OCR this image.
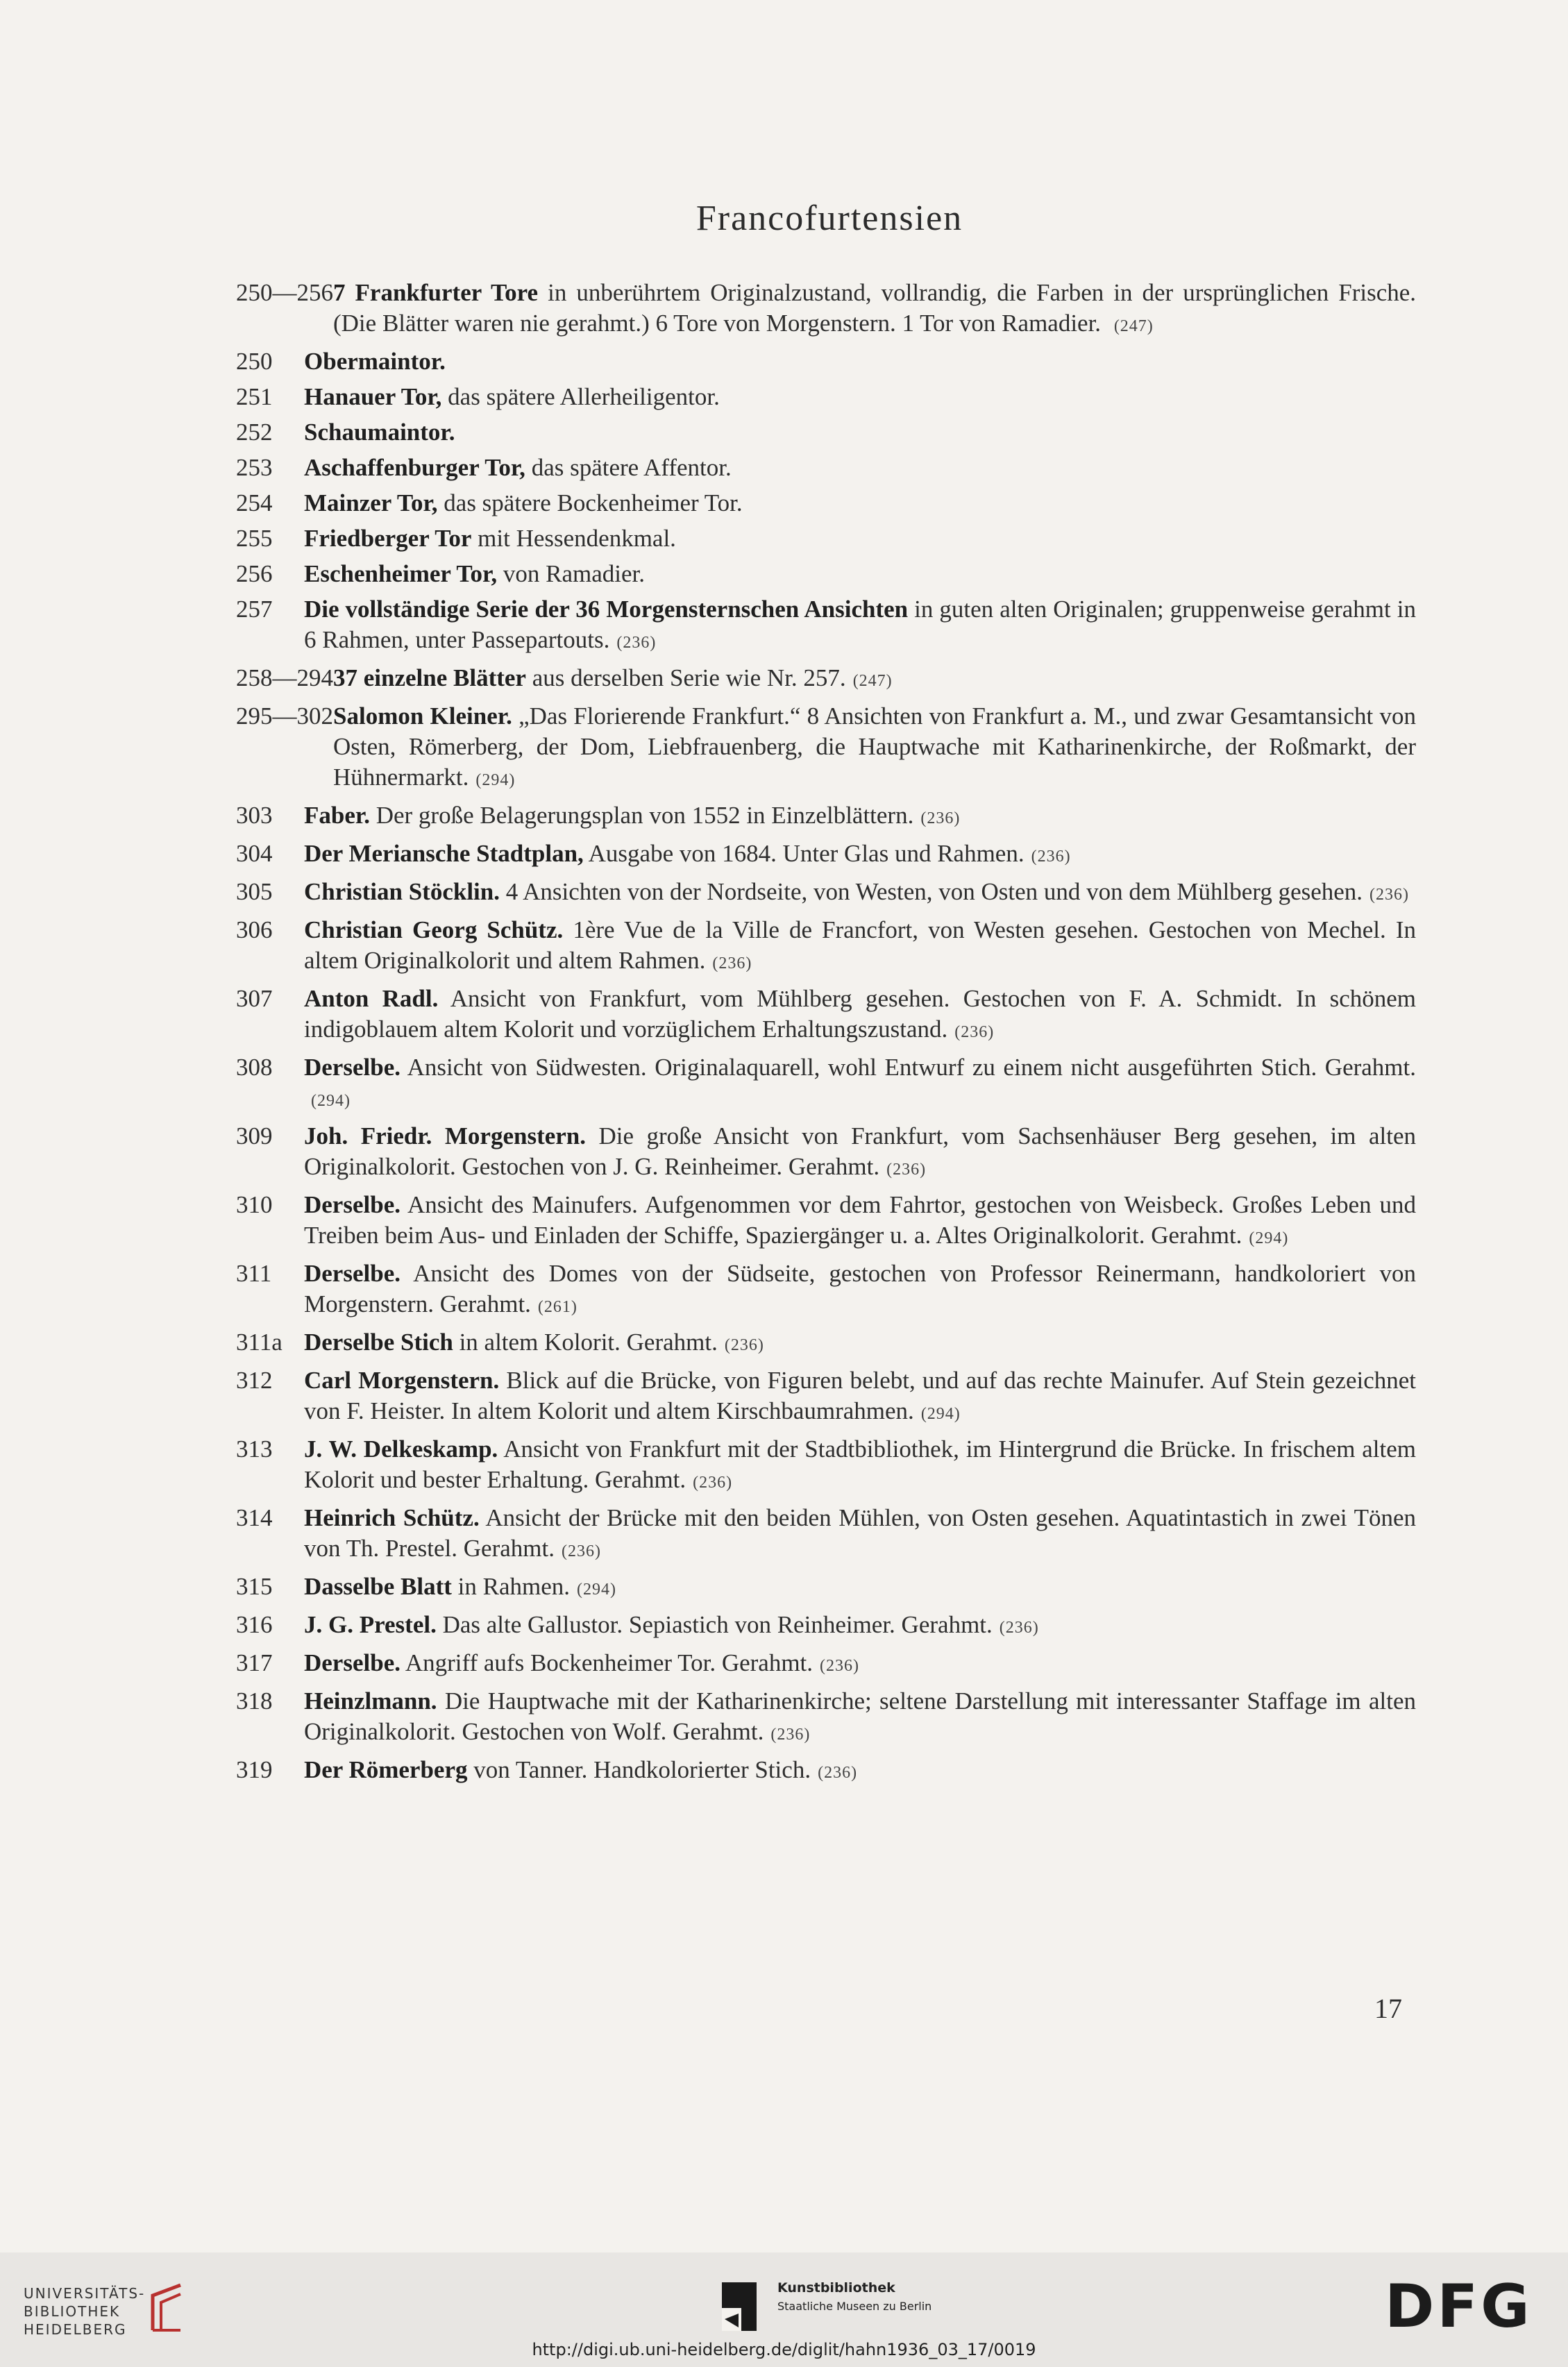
Francofurtensien
250—256 7 Frankfurter Tore in unberührtem Originalzustand, vollrandig, die Farben in der ursprünglichen Frische. (Die Blätter waren nie gerahmt.) 6 Tore von Morgenstern. 1 Tor von Ramadier. (247)
250	Obermaintor.
251	Hanauer Tor, das spätere Allerheiligentor.
252	Schaumaintor.
253	Aschaffenburger Tor, das spätere Affentor.
254	Mainzer Tor, das spätere Bockenheimer Tor.
255	Friedberger Tor mit Hessendenkmal.
256	Eschenheimer Tor, von Ramadier.
257	Die vollständige Serie der 36 Morgensternschen Ansichten in guten alten Originalen; gruppenweise gerahmt in 6 Rahmen, unter Passepartouts. (236)
258—294 37 einzelne Blätter aus derselben Serie wie Nr. 257. (247)
295—302 Salomon Kleiner. „Das Florierende Frankfurt.“ 8 Ansichten von Frankfurt a. M., und zwar Gesamtansicht von Osten, Römerberg, der Dom, Liebfrauenberg, die Hauptwache mit Katharinenkirche, der Roßmarkt, der Hühnermarkt. (294)
303	Faber. Der große Belagerungsplan von 1552 in Einzelblättern. (236)
304	Der Meriansche Stadtplan, Ausgabe von 1684. Unter Glas und Rahmen. (236)
305	Christian Stöcklin. 4 Ansichten von der Nordseite, von Westen, von Osten und von dem Mühlberg gesehen. (236)
306	Christian Georg Schütz. 1ère Vue de la Ville de Francfort, von Westen gesehen. Gestochen von Mechel. In altem Originalkolorit und altem Rahmen. (236)
307	Anton Radl. Ansicht von Frankfurt, vom Mühlberg gesehen. Gestochen von F. A. Schmidt. In schönem indigoblauem altem Kolorit und vorzüglichem Erhaltungszustand. (236)
308	Derselbe. Ansicht von Südwesten. Originalaquarell, wohl Entwurf zu einem nicht ausgeführten Stich. Gerahmt.(294)
309	Joh. Friedr. Morgenstern. Die große Ansicht von Frankfurt, vom Sachsenhäuser Berg gesehen, im alten Originalkolorit. Gestochen von J. G. Reinheimer. Gerahmt. (236)
310	Derselbe. Ansicht des Mainufers. Aufgenommen vor dem Fahrtor, gestochen von Weisbeck. Großes Leben und Treiben beim Aus- und Einladen der Schiffe, Spaziergänger u. a. Altes Originalkolorit. Gerahmt. (294)
311	Derselbe. Ansicht des Domes von der Südseite, gestochen von Professor Reinermann, handkoloriert von Morgenstern. Gerahmt. (261)
311a Derselbe Stich in altem Kolorit. Gerahmt. (236)
312	Carl Morgenstern. Blick auf die Brücke, von Figuren belebt, und auf das rechte Mainufer. Auf Stein gezeichnet von F. Heister. In altem Kolorit und altem Kirschbaumrahmen. (294)
313	J. W. Delkeskamp. Ansicht von Frankfurt mit der Stadtbibliothek, im Hintergrund die Brücke. In frischem altem Kolorit und bester Erhaltung. Gerahmt. (236)
314	Heinrich Schütz. Ansicht der Brücke mit den beiden Mühlen, von Osten gesehen. Aquatintastich in zwei Tönen von Th. Prestel. Gerahmt. (236)
315	Dasselbe Blatt in Rahmen. (294)
316	J. G. Prestel. Das alte Gallustor. Sepiastich von Reinheimer. Gerahmt. (236)
317	Derselbe. Angriff aufs Bockenheimer Tor. Gerahmt. (236)
318	Heinzlmann. Die Hauptwache mit der Katharinenkirche; seltene Darstellung mit interessanter Staffage im alten Originalkolorit. Gestochen von Wolf. Gerahmt. (236)
319	Der Römerberg von Tanner. Handkolorierter Stich. (236)
17
UNIVERSITÄTS-
BIBLIOTHEK
HEIDELBERG
Kunstbibliothek
Staatliche Museen zu Berlin	DFG
http://digi.ub.uni-heidelberg.de/diglit/hahn1936_03_17/0019
